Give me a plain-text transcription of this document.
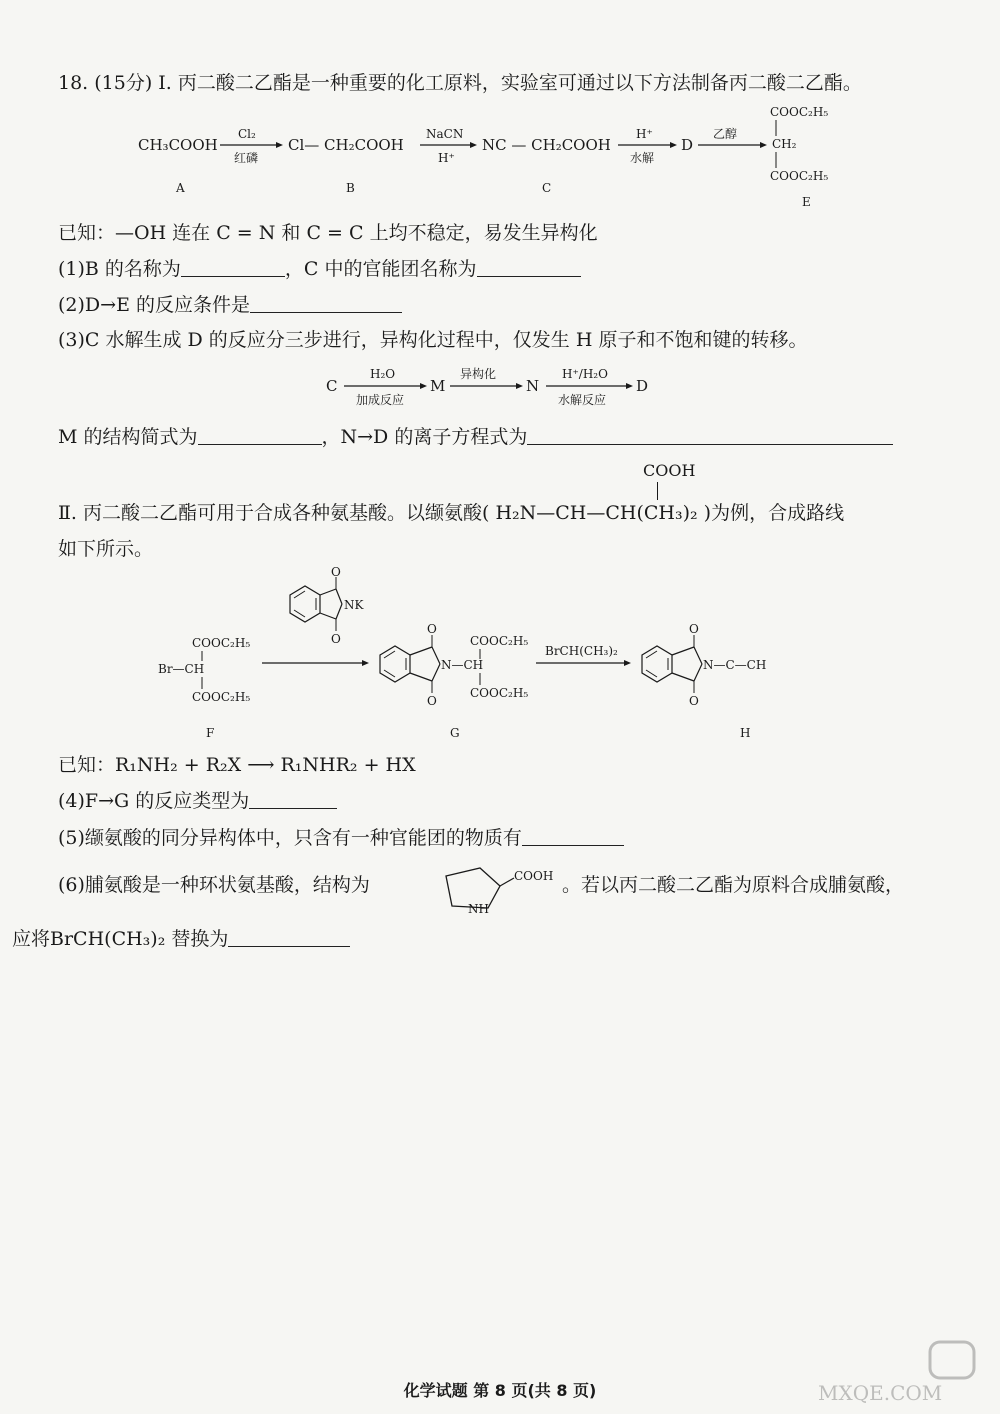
18. (15分) Ⅰ. 丙二酸二乙酯是一种重要的化工原料，实验室可通过以下方法制备丙二酸二乙酯。
CH₃COOH
Cl₂
红磷
Cl— CH₂COOH
NaCN
H⁺
NC — CH₂COOH
H⁺
水解
D
乙醇
COOC₂H₅
CH₂
COOC₂H₅
A	B	C
E
已知：—OH 连在 C = N 和 C = C 上均不稳定，易发生异构化
(1)B 的名称为	，C 中的官能团名称为
(2)D→E 的反应条件是
(3)C 水解生成 D 的反应分三步进行，异构化过程中，仅发生 H 原子和不饱和键的转移。
C
H₂O
加成反应
M
异构化
N
H⁺/H₂O
水解反应
D
M 的结构简式为	，N→D 的离子方程式为
COOH
Ⅱ. 丙二酸二乙酯可用于合成各种氨基酸。以缬氨酸( H₂N—CH—CH(CH₃)₂ )为例，合成路线
如下所示。
COOC₂H₅
Br—CH
COOC₂H₅
F
O
O
NK
O
O
COOC₂H₅
N—CH
COOC₂H₅
G
BrCH(CH₃)₂
O
O
N—C—CH
H
已知：R₁NH₂ + R₂X ⟶ R₁NHR₂ + HX
(4)F→G 的反应类型为
(5)缬氨酸的同分异构体中，只含有一种官能团的物质有
(6)脯氨酸是一种环状氨基酸，结构为	COOH
NH
。若以丙二酸二乙酯为原料合成脯氨酸，
应将BrCH(CH₃)₂ 替换为
化学试题 第 8 页(共 8 页)	MXQE.COM
